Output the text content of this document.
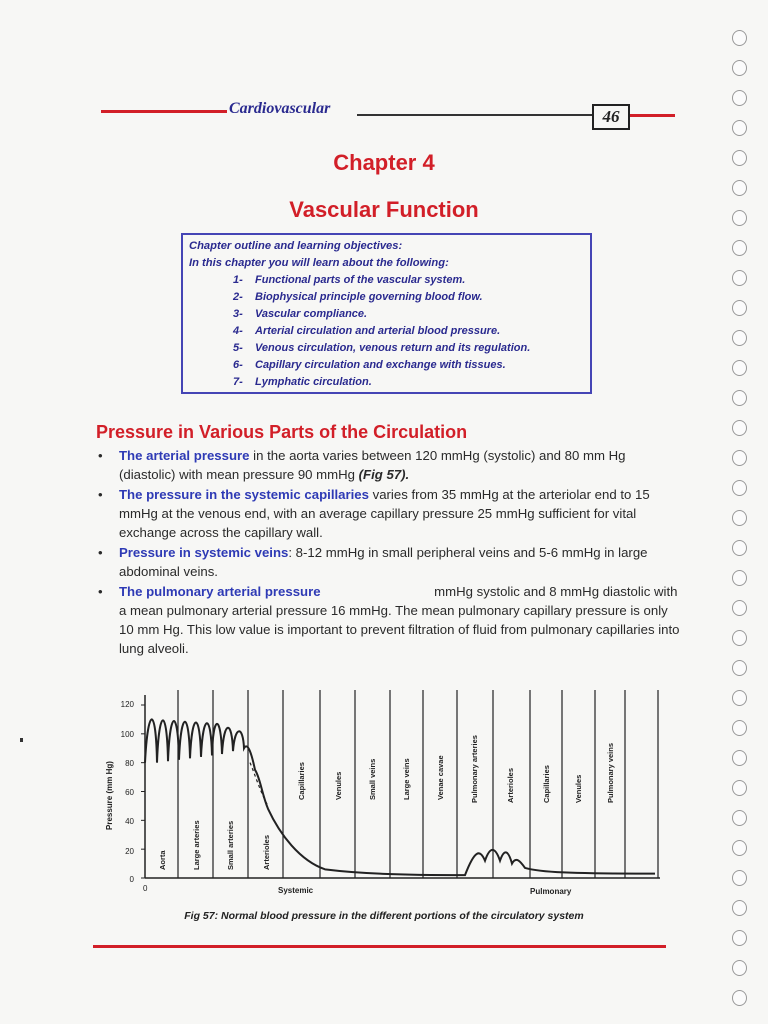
Cardiovascular	46
Chapter 4
Vascular Function

Chapter outline and learning objectives:

In this chapter you will learn about the following:

1- Functional parts of the vascular system.
2- Biophysical principle governing blood flow.
3- Vascular compliance.
4- Arterial circulation and arterial blood pressure.
5- Venous circulation, venous return and its regulation.
6- Capillary circulation and exchange with tissues.
7- Lymphatic circulation.
Pressure in Various Parts of the Circulation
• The arterial pressure in the aorta varies between 120 mmHg (systolic) and 80 mm Hg (diastolic) with mean pressure 90 mmHg (Fig 57).
• The pressure in the systemic capillaries varies from 35 mmHg at the arteriolar end to 15 mmHg at the venous end, with an average capillary pressure 25 mmHg sufficient for vital exchange across the capillary wall.
• Pressure in systemic veins: 8-12 mmHg in small peripheral veins and 5-6 mmHg in large abdominal veins.
• The pulmonary arterial pressure                               mmHg systolic and 8 mmHg diastolic with a mean pulmonary arterial pressure 16 mmHg. The mean pulmonary capillary pressure is only 10 mm Hg. This low value is important to prevent filtration of fluid from pulmonary capillaries into lung alveoli.
120
100
80
60
40
20
0
Pressure (mm Hg)
0	Systemic	Pulmonary
Aorta	Large arteries	Small arteries	Arterioles
Capillaries	Venules	Small veins	Large veins	Venae cavae	Pulmonary arteries	Arterioles	Capillaries	Venules	Pulmonary veins
Fig 57: Normal blood pressure in the different portions of the circulatory system
